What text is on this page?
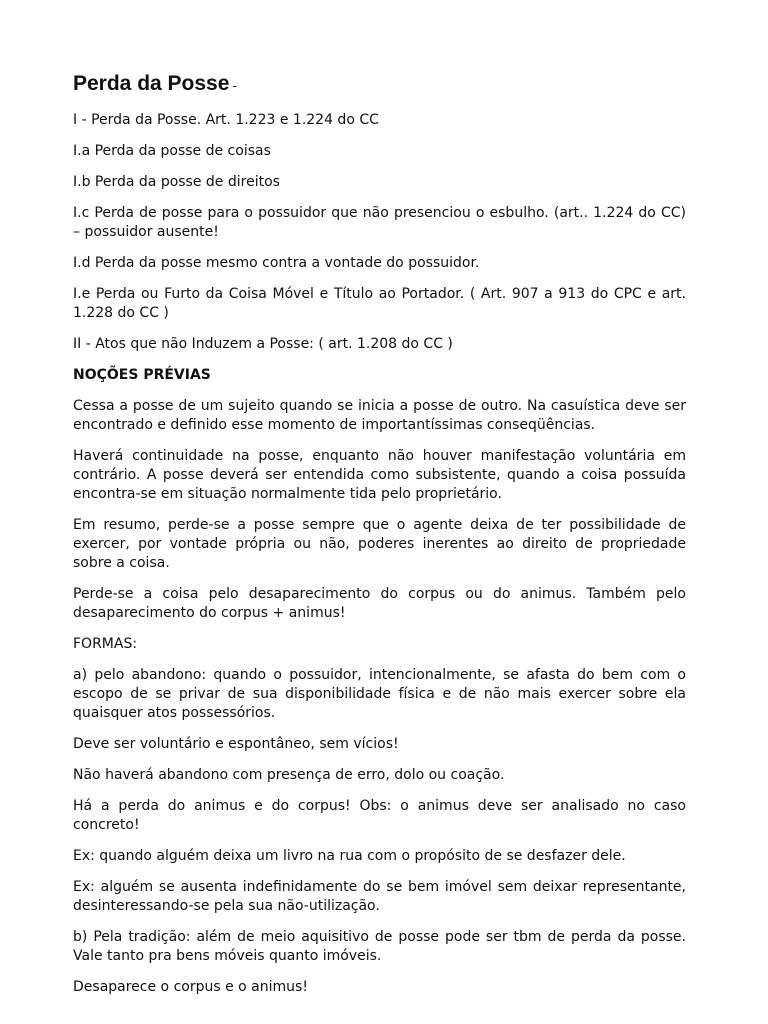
Perda da Posse -

I - Perda da Posse. Art. 1.223 e 1.224 do CC

I.a Perda da posse de coisas

I.b Perda da posse de direitos

I.c Perda de posse para o possuidor que não presenciou o esbulho. (art.. 1.224 do CC) – possuidor ausente!

I.d Perda da posse mesmo contra a vontade do possuidor.

I.e Perda ou Furto da Coisa Móvel e Título ao Portador. ( Art. 907 a 913 do CPC e art. 1.228 do CC )

II - Atos que não Induzem a Posse: ( art. 1.208 do CC )

NOÇÕES PRÉVIAS

Cessa a posse de um sujeito quando se inicia a posse de outro. Na casuística deve ser encontrado e definido esse momento de importantíssimas conseqüências.

Haverá continuidade na posse, enquanto não houver manifestação voluntária em contrário. A posse deverá ser entendida como subsistente, quando a coisa possuída encontra-se em situação normalmente tida pelo proprietário.

Em resumo, perde-se a posse sempre que o agente deixa de ter possibilidade de exercer, por vontade própria ou não, poderes inerentes ao direito de propriedade sobre a coisa.

Perde-se a coisa pelo desaparecimento do corpus ou do animus. Também pelo desaparecimento do corpus + animus!

FORMAS:

a) pelo abandono: quando o possuidor, intencionalmente, se afasta do bem com o escopo de se privar de sua disponibilidade física e de não mais exercer sobre ela quaisquer atos possessórios.

Deve ser voluntário e espontâneo, sem vícios!

Não haverá abandono com presença de erro, dolo ou coação.

Há a perda do animus e do corpus! Obs: o animus deve ser analisado no caso concreto!

Ex: quando alguém deixa um livro na rua com o propósito de se desfazer dele.

Ex: alguém se ausenta indefinidamente do se bem imóvel sem deixar representante, desinteressando-se pela sua não-utilização.

b) Pela tradição: além de meio aquisitivo de posse pode ser tbm de perda da posse. Vale tanto pra bens móveis quanto imóveis.

Desaparece o corpus e o animus!
